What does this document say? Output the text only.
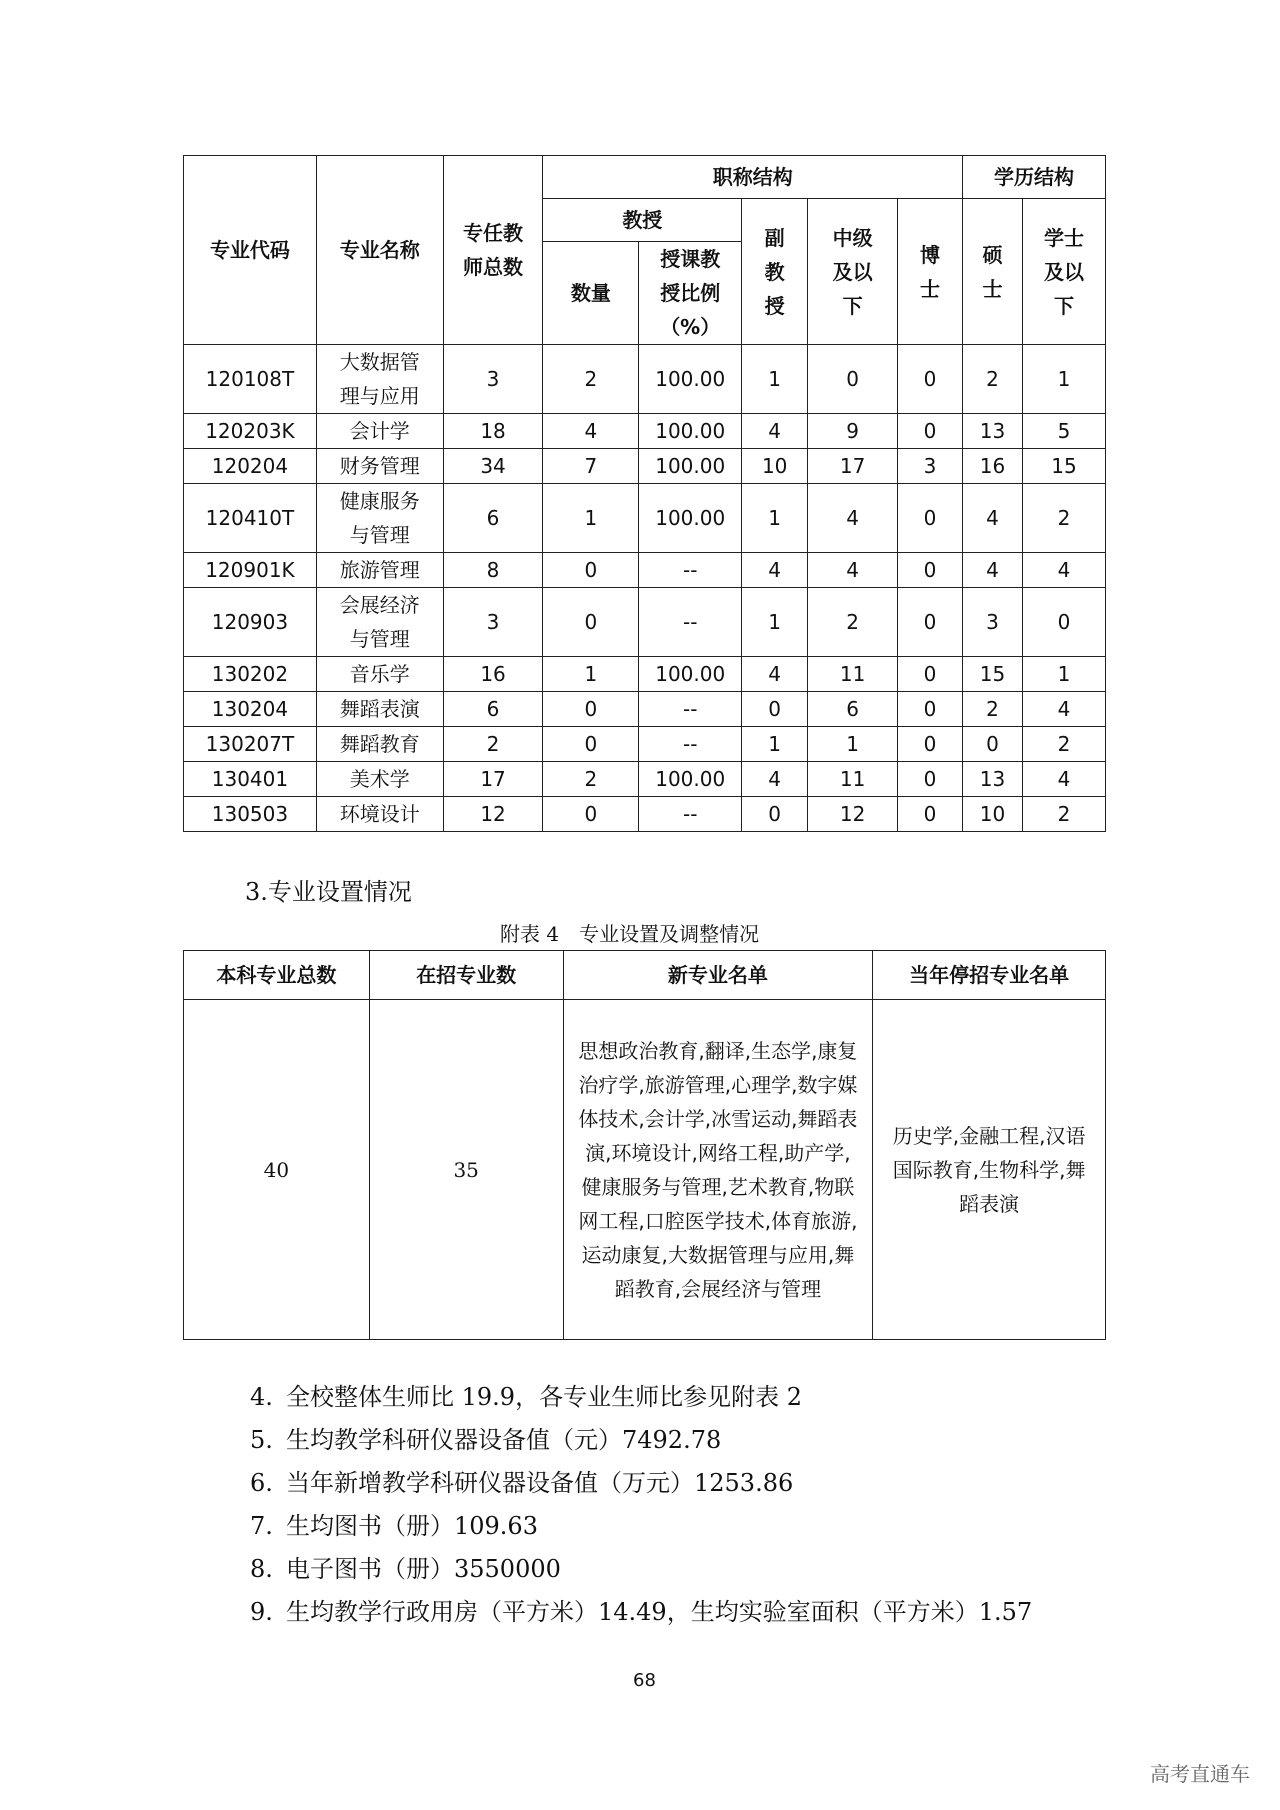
专业代码	专业名称	专任教师总数	职称结构					学历结构	
			教授		副教授	中级及以下	博士	硕士	学士及以下
			数量	授课教授比例（%）					
120108T	大数据管理与应用	3	2	100.00	1	0	0	2	1
120203K	会计学	18	4	100.00	4	9	0	13	5
120204	财务管理	34	7	100.00	10	17	3	16	15
120410T	健康服务与管理	6	1	100.00	1	4	0	4	2
120901K	旅游管理	8	0	--	4	4	0	4	4
120903	会展经济与管理	3	0	--	1	2	0	3	0
130202	音乐学	16	1	100.00	4	11	0	15	1
130204	舞蹈表演	6	0	--	0	6	0	2	4
130207T	舞蹈教育	2	0	--	1	1	0	0	2
130401	美术学	17	2	100.00	4	11	0	13	4
130503	环境设计	12	0	--	0	12	0	10	2
3.专业设置情况
附表 4　专业设置及调整情况
本科专业总数	在招专业数	新专业名单	当年停招专业名单
40	35	思想政治教育,翻译,生态学,康复治疗学,旅游管理,心理学,数字媒体技术,会计学,冰雪运动,舞蹈表演,环境设计,网络工程,助产学,健康服务与管理,艺术教育,物联网工程,口腔医学技术,体育旅游,运动康复,大数据管理与应用,舞蹈教育,会展经济与管理	历史学,金融工程,汉语国际教育,生物科学,舞蹈表演
4. 全校整体生师比 19.9，各专业生师比参见附表 2
5. 生均教学科研仪器设备值（元）7492.78
6. 当年新增教学科研仪器设备值（万元）1253.86
7. 生均图书（册）109.63
8. 电子图书（册）3550000
9. 生均教学行政用房（平方米）14.49，生均实验室面积（平方米）1.57
68
高考直通车
